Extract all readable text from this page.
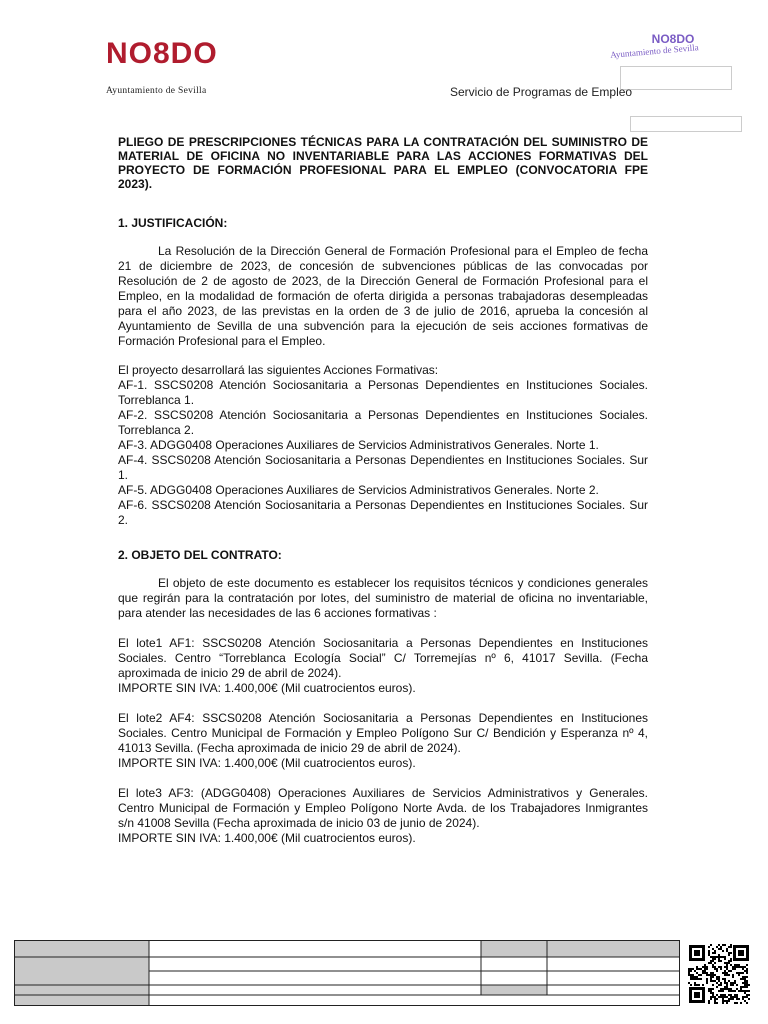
NO8DO
Ayuntamiento de Sevilla
NO8DO
Ayuntamiento de Sevilla
Servicio de Programas de Empleo
PLIEGO DE PRESCRIPCIONES TÉCNICAS PARA LA CONTRATACIÓN DEL SUMINISTRO DE MATERIAL DE OFICINA NO INVENTARIABLE PARA LAS ACCIONES FORMATIVAS DEL PROYECTO DE FORMACIÓN PROFESIONAL PARA EL EMPLEO (CONVOCATORIA FPE 2023).

1. JUSTIFICACIÓN:

La Resolución de la Dirección General de Formación Profesional para el Empleo de fecha 21 de diciembre de 2023, de concesión de subvenciones públicas de las convocadas por Resolución de 2 de agosto de 2023, de la Dirección General de Formación Profesional para el Empleo, en la modalidad de formación de oferta dirigida a personas trabajadoras desempleadas para el año 2023, de las previstas en la orden de 3 de julio de 2016, aprueba la concesión al Ayuntamiento de Sevilla de una subvención para la ejecución de seis acciones formativas de Formación Profesional para el Empleo.

El proyecto desarrollará las siguientes Acciones Formativas:

AF-1. SSCS0208 Atención Sociosanitaria a Personas Dependientes en Instituciones Sociales. Torreblanca 1.

AF-2. SSCS0208 Atención Sociosanitaria a Personas Dependientes en Instituciones Sociales. Torreblanca 2.

AF-3. ADGG0408 Operaciones Auxiliares de Servicios Administrativos Generales. Norte 1.

AF-4. SSCS0208 Atención Sociosanitaria a Personas Dependientes en Instituciones Sociales. Sur 1.

AF-5. ADGG0408 Operaciones Auxiliares de Servicios Administrativos Generales. Norte 2.

AF-6. SSCS0208 Atención Sociosanitaria a Personas Dependientes en Instituciones Sociales. Sur 2.

2. OBJETO DEL CONTRATO:

El objeto de este documento es establecer los requisitos técnicos y condiciones generales que regirán para la contratación por lotes, del suministro de material de oficina no inventariable, para atender las necesidades de las 6 acciones formativas :

El lote1 AF1: SSCS0208 Atención Sociosanitaria a Personas Dependientes en Instituciones Sociales. Centro “Torreblanca Ecología Social” C/ Torremejías nº 6, 41017 Sevilla. (Fecha aproximada de inicio 29 de abril de 2024).

IMPORTE SIN IVA: 1.400,00€ (Mil cuatrocientos euros).

El lote2 AF4: SSCS0208 Atención Sociosanitaria a Personas Dependientes en Instituciones Sociales. Centro Municipal de Formación y Empleo Polígono Sur C/ Bendición y Esperanza nº 4, 41013 Sevilla. (Fecha aproximada de inicio 29 de abril de 2024).

IMPORTE SIN IVA: 1.400,00€ (Mil cuatrocientos euros).

El lote3 AF3: (ADGG0408) Operaciones Auxiliares de Servicios Administrativos y Generales. Centro Municipal de Formación y Empleo Polígono Norte Avda. de los Trabajadores Inmigrantes s/n 41008 Sevilla (Fecha aproximada de inicio 03 de junio de 2024).

IMPORTE SIN IVA: 1.400,00€ (Mil cuatrocientos euros).
